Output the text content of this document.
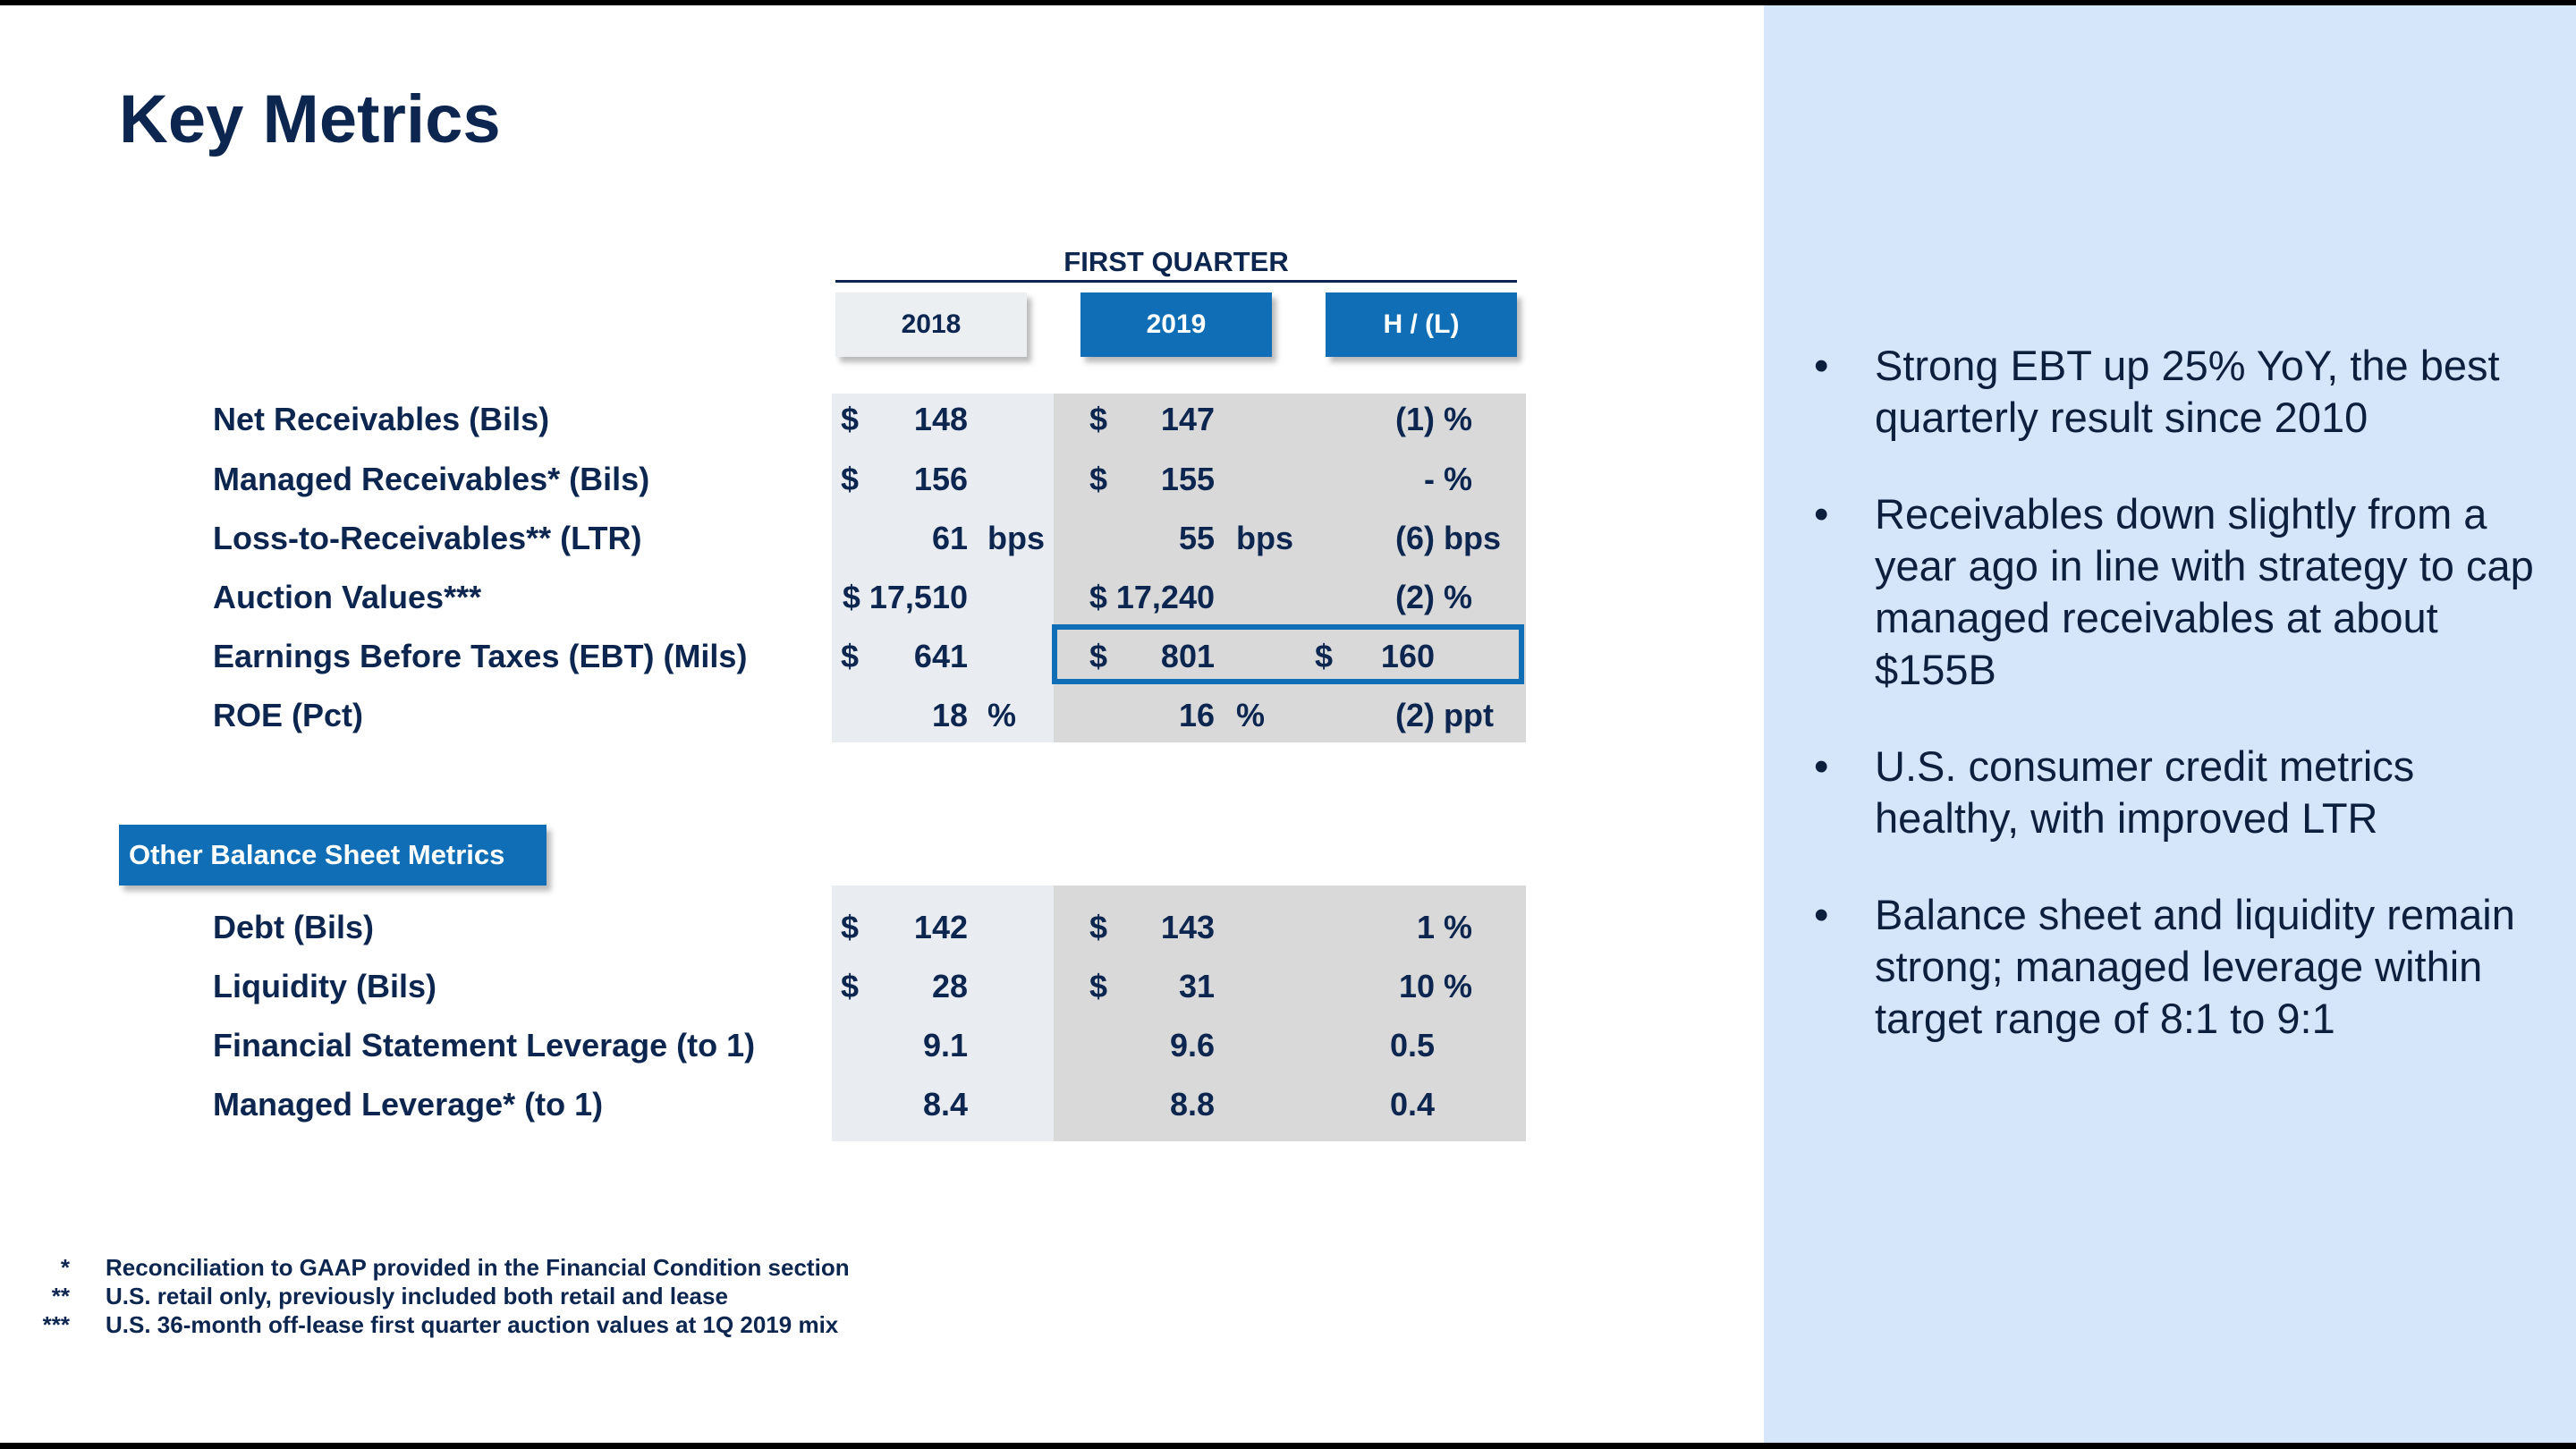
Key Metrics
FIRST QUARTER
2018	2019	H / (L)
Net Receivables (Bils)	$ 148	$ 147	(1) %
Managed Receivables* (Bils)	$ 156	$ 155	- %
Loss-to-Receivables** (LTR)	61 bps	55 bps	(6) bps
Auction Values***	$ 17,510	$ 17,240	(2) %
Earnings Before Taxes (EBT) (Mils)	$ 641	$ 801	$ 160
ROE (Pct)	18 %	16 %	(2) ppt
Debt (Bils)	$ 142	$ 143	1 %
Liquidity (Bils)	$ 28	$ 31	10 %
Financial Statement Leverage (to 1)	9.1	9.6	0.5
Managed Leverage* (to 1)	8.4	8.8	0.4
Other Balance Sheet Metrics
* Reconciliation to GAAP provided in the Financial Condition section
** U.S. retail only, previously included both retail and lease
*** U.S. 36-month off-lease first quarter auction values at 1Q 2019 mix
• Strong EBT up 25% YoY, the best quarterly result since 2010
• Receivables down slightly from a year ago in line with strategy to cap managed receivables at about $155B
• U.S. consumer credit metrics healthy, with improved LTR
• Balance sheet and liquidity remain strong; managed leverage within target range of 8:1 to 9:1
